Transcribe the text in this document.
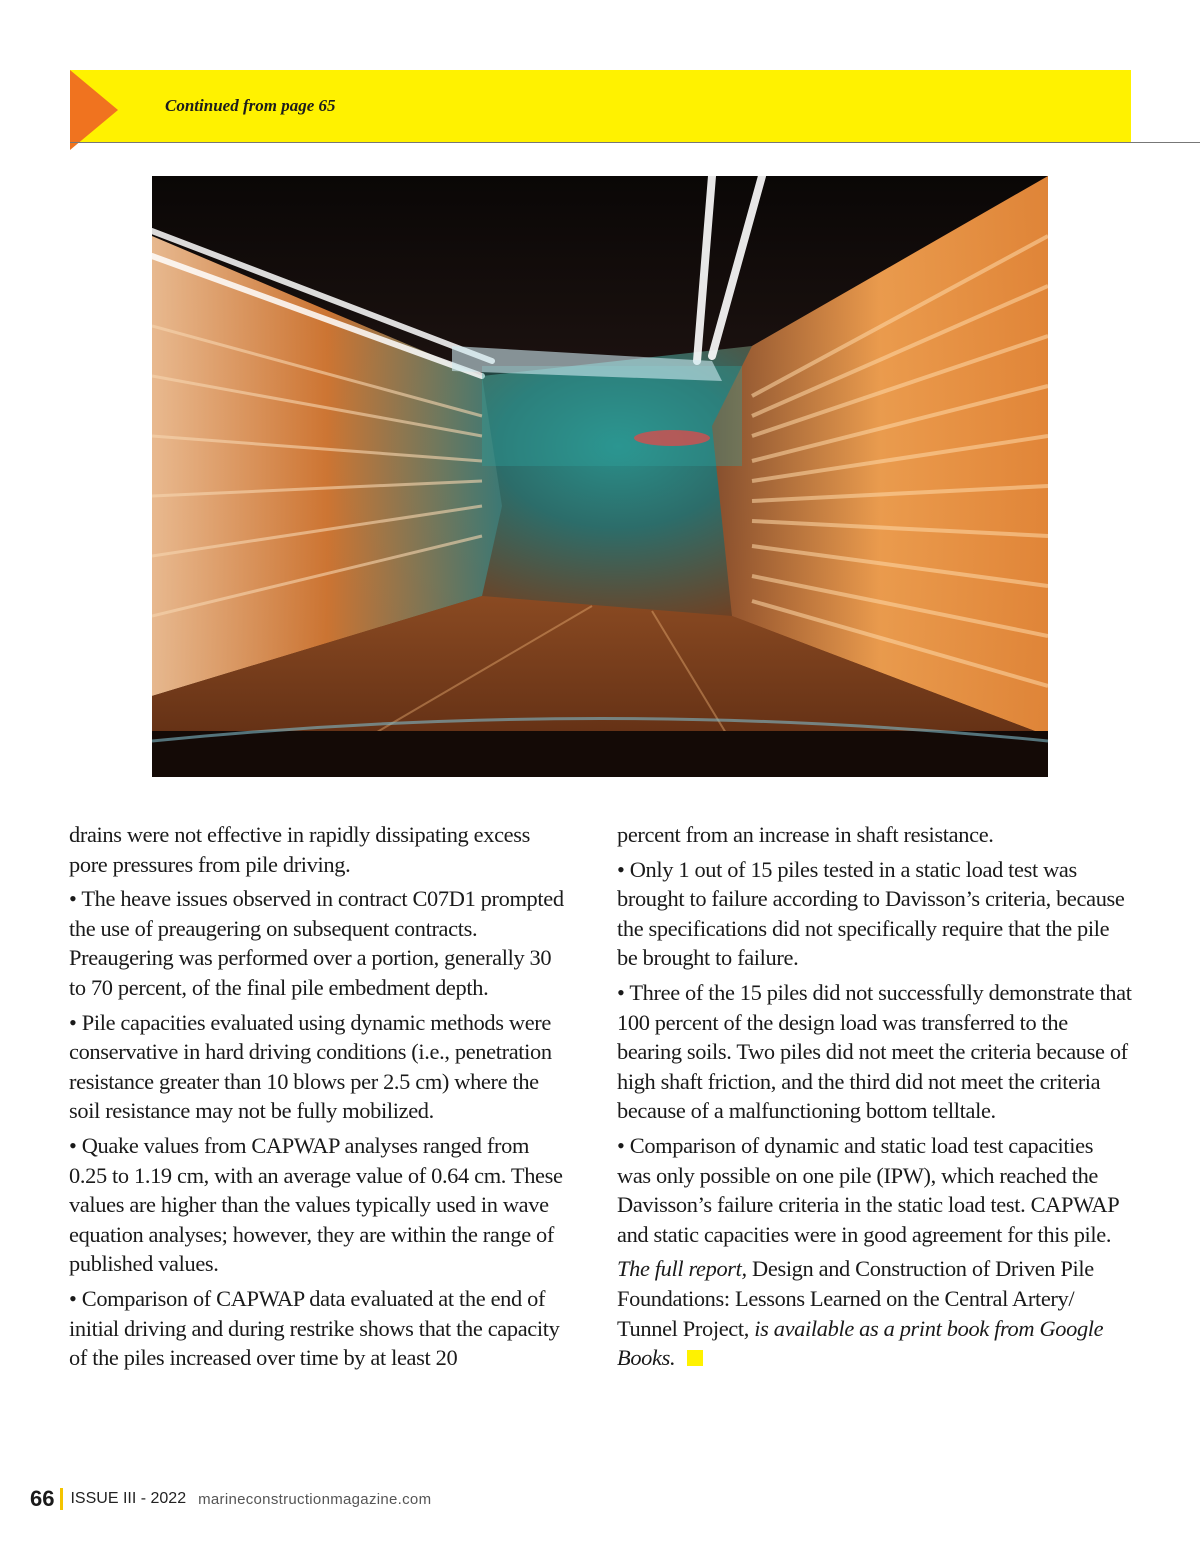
Continued from page 65

drains were not effective in rapidly dissipating excess pore pressures from pile driving.

• The heave issues observed in contract C07D1 prompted the use of preaugering on subsequent contracts. Preaugering was performed over a portion, generally 30 to 70 percent, of the final pile embedment depth.

• Pile capacities evaluated using dynamic methods were conservative in hard driving conditions (i.e., penetration resistance greater than 10 blows per 2.5 cm) where the soil resistance may not be fully mobilized.

• Quake values from CAPWAP analyses ranged from 0.25 to 1.19 cm, with an average value of 0.64 cm. These values are higher than the values typically used in wave equation analyses; however, they are within the range of published values.

• Comparison of CAPWAP data evaluated at the end of initial driving and during restrike shows that the capacity of the piles increased over time by at least 20

percent from an increase in shaft resistance.

• Only 1 out of 15 piles tested in a static load test was brought to failure according to Davisson’s criteria, because the specifications did not specifically require that the pile be brought to failure.

• Three of the 15 piles did not successfully demonstrate that 100 percent of the design load was transferred to the bearing soils. Two piles did not meet the criteria because of high shaft friction, and the third did not meet the criteria because of a malfunctioning bottom telltale.

• Comparison of dynamic and static load test capacities was only possible on one pile (IPW), which reached the Davisson’s failure criteria in the static load test. CAPWAP and static capacities were in good agreement for this pile.

The full report, Design and Construction of Driven Pile Foundations: Lessons Learned on the Central Artery/ Tunnel Project, is available as a print book from Google Books.

66 ISSUE III - 2022 marineconstructionmagazine.com
